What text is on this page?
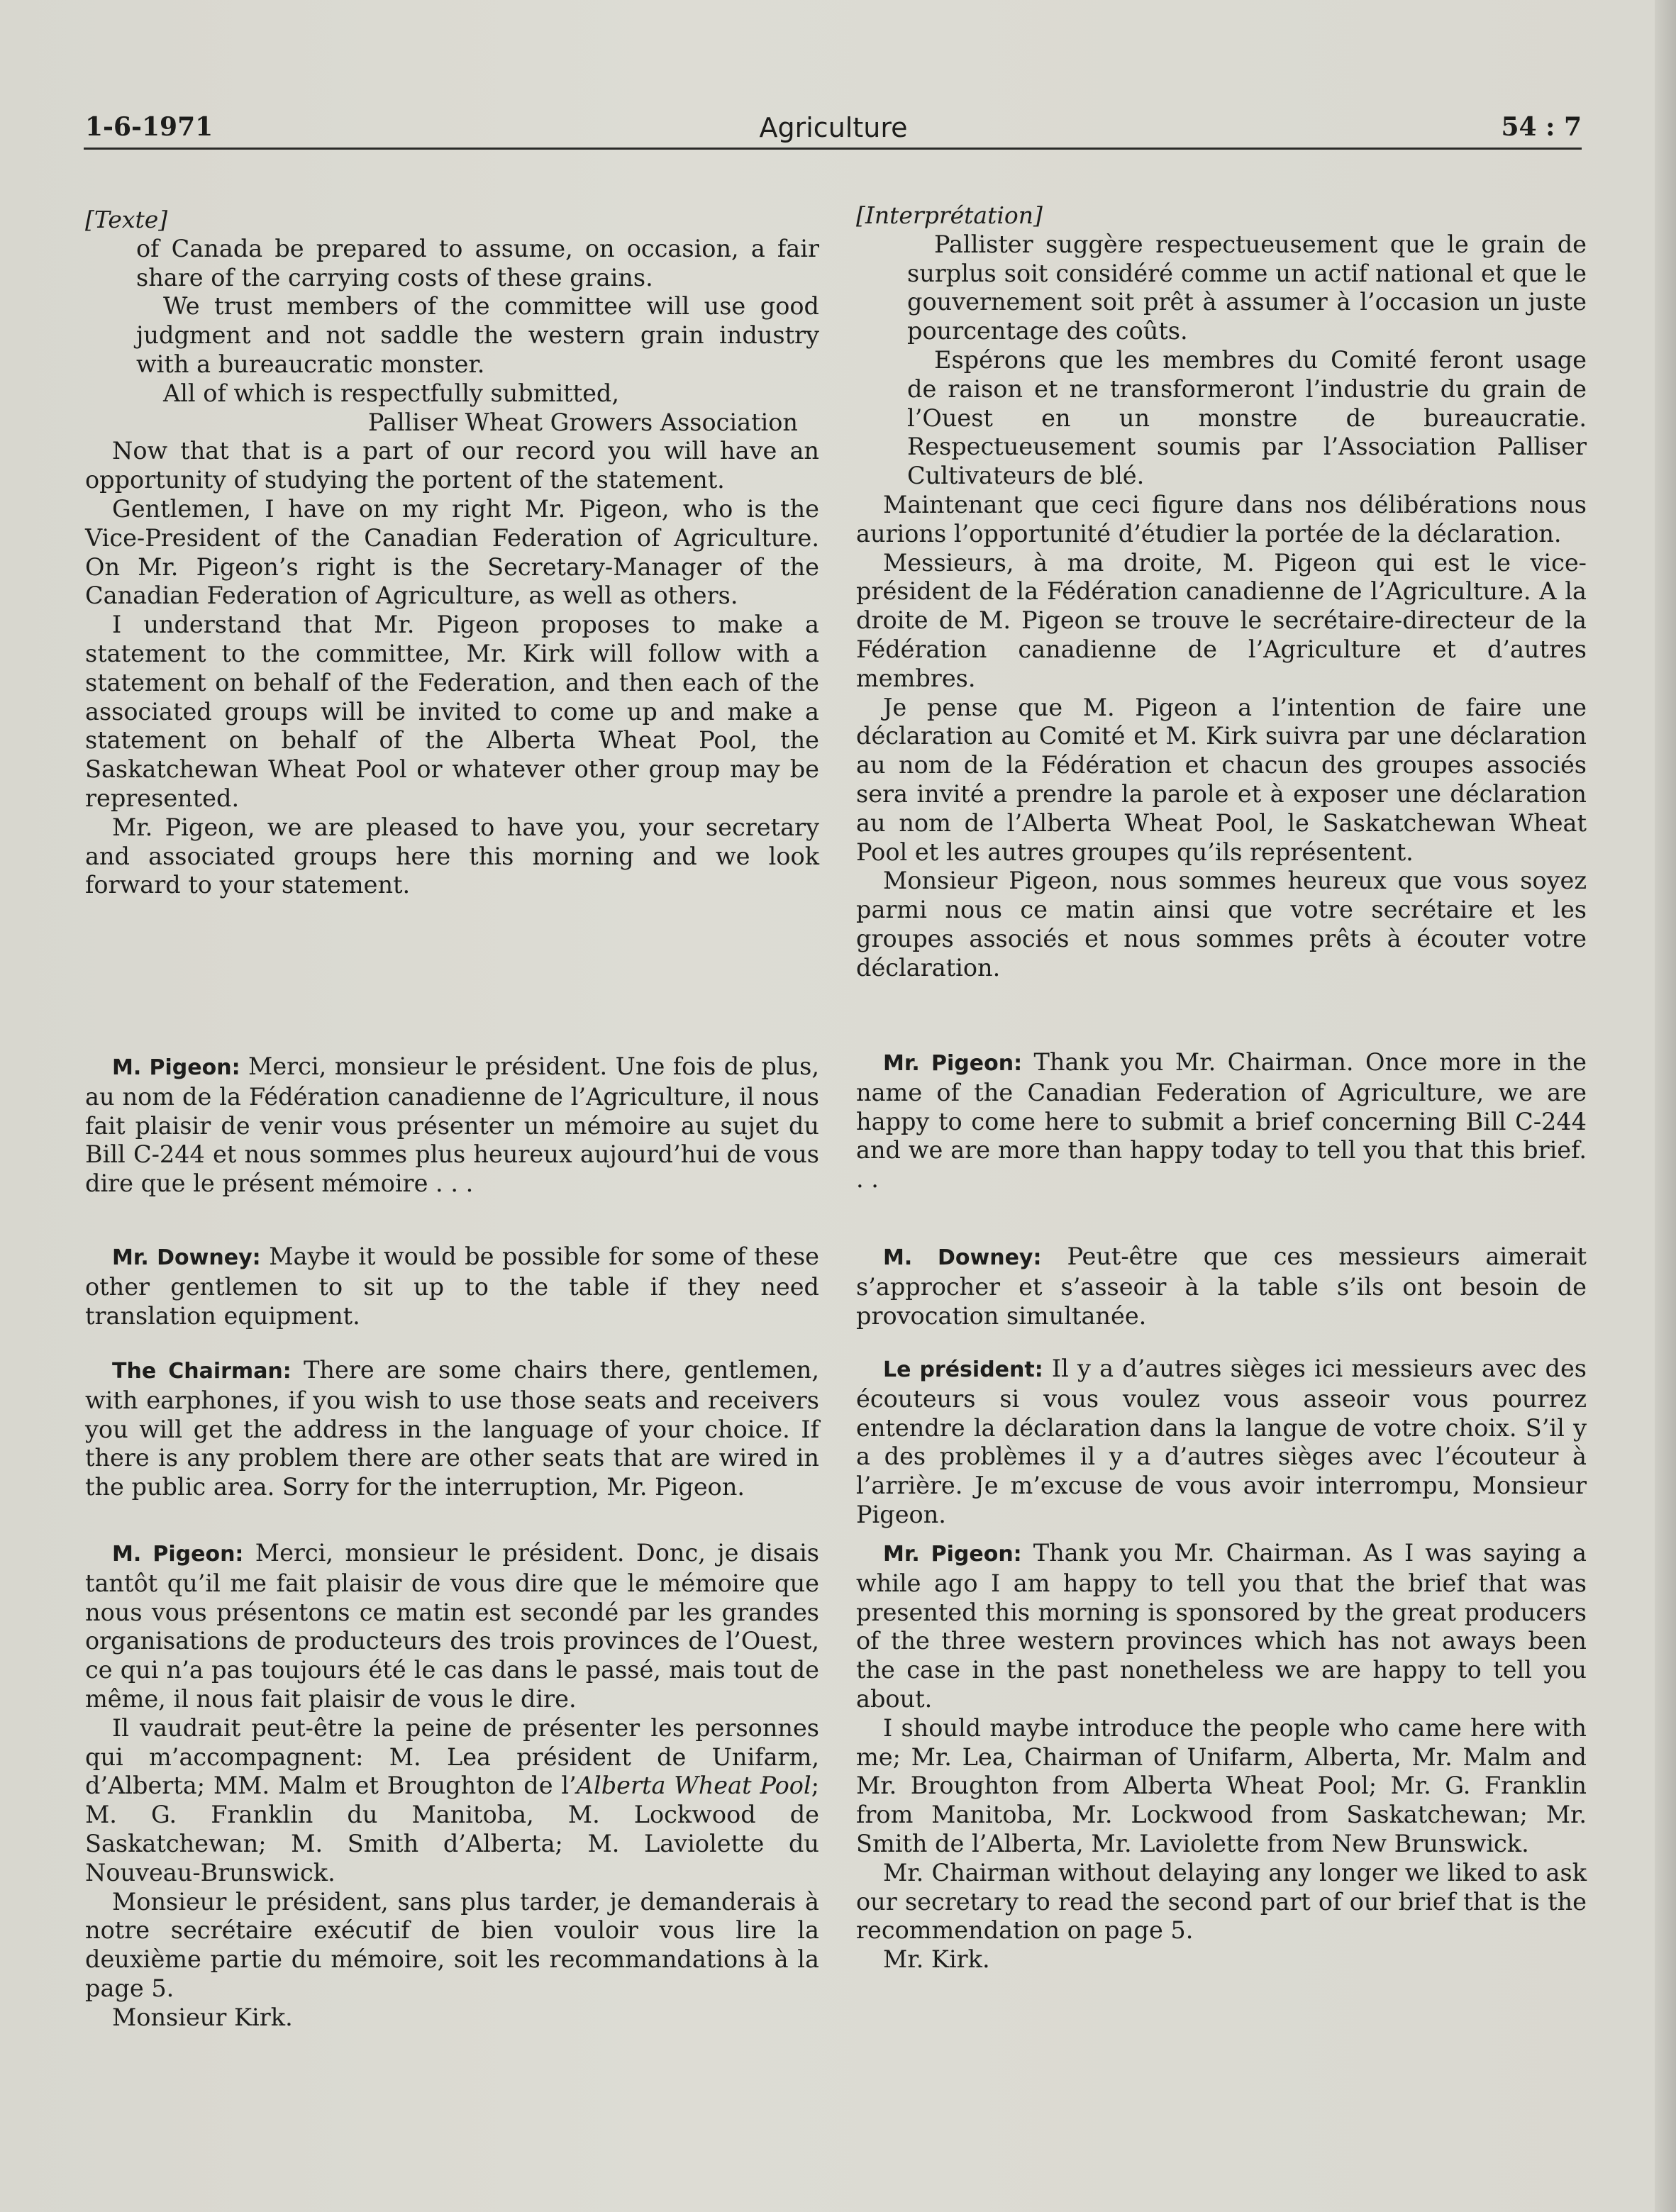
1-6-1971	Agriculture	54 : 7

[Texte]

of Canada be prepared to assume, on occasion, a fair share of the carrying costs of these grains.

We trust members of the committee will use good judgment and not saddle the western grain industry with a bureaucratic monster.

All of which is respectfully submitted,

Palliser Wheat Growers Association

Now that that is a part of our record you will have an opportunity of studying the portent of the statement.

Gentlemen, I have on my right Mr. Pigeon, who is the Vice-President of the Canadian Federation of Agriculture. On Mr. Pigeon’s right is the Secretary-Manager of the Canadian Federation of Agriculture, as well as others.

I understand that Mr. Pigeon proposes to make a statement to the committee, Mr. Kirk will follow with a statement on behalf of the Federation, and then each of the associated groups will be invited to come up and make a statement on behalf of the Alberta Wheat Pool, the Saskatchewan Wheat Pool or whatever other group may be represented.

Mr. Pigeon, we are pleased to have you, your secretary and associated groups here this morning and we look forward to your statement.

[Interprétation]

Pallister suggère respectueusement que le grain de surplus soit considéré comme un actif national et que le gouvernement soit prêt à assumer à l’occasion un juste pourcentage des coûts.

Espérons que les membres du Comité feront usage de raison et ne transformeront l’industrie du grain de l’Ouest en un monstre de bureaucratie. Respectueusement soumis par l’Association Palliser Cultivateurs de blé.

Maintenant que ceci figure dans nos délibérations nous aurions l’opportunité d’étudier la portée de la déclaration.

Messieurs, à ma droite, M. Pigeon qui est le vice-président de la Fédération canadienne de l’Agriculture. A la droite de M. Pigeon se trouve le secrétaire-directeur de la Fédération canadienne de l’Agriculture et d’autres membres.

Je pense que M. Pigeon a l’intention de faire une déclaration au Comité et M. Kirk suivra par une déclaration au nom de la Fédération et chacun des groupes associés sera invité a prendre la parole et à exposer une déclaration au nom de l’Alberta Wheat Pool, le Saskatchewan Wheat Pool et les autres groupes qu’ils représentent.

Monsieur Pigeon, nous sommes heureux que vous soyez parmi nous ce matin ainsi que votre secrétaire et les groupes associés et nous sommes prêts à écouter votre déclaration.

M. Pigeon: Merci, monsieur le président. Une fois de plus, au nom de la Fédération canadienne de l’Agriculture, il nous fait plaisir de venir vous présenter un mémoire au sujet du Bill C-244 et nous sommes plus heureux aujourd’hui de vous dire que le présent mémoire . . .

Mr. Downey: Maybe it would be possible for some of these other gentlemen to sit up to the table if they need translation equipment.

The Chairman: There are some chairs there, gentlemen, with earphones, if you wish to use those seats and receivers you will get the address in the language of your choice. If there is any problem there are other seats that are wired in the public area. Sorry for the interruption, Mr. Pigeon.

M. Pigeon: Merci, monsieur le président. Donc, je disais tantôt qu’il me fait plaisir de vous dire que le mémoire que nous vous présentons ce matin est secondé par les grandes organisations de producteurs des trois provinces de l’Ouest, ce qui n’a pas toujours été le cas dans le passé, mais tout de même, il nous fait plaisir de vous le dire.

Il vaudrait peut-être la peine de présenter les personnes qui m’accompagnent: M. Lea président de Unifarm, d’Alberta; MM. Malm et Broughton de l’Alberta Wheat Pool; M. G. Franklin du Manitoba, M. Lockwood de Saskatchewan; M. Smith d’Alberta; M. Laviolette du Nouveau-Brunswick.

Monsieur le président, sans plus tarder, je demanderais à notre secrétaire exécutif de bien vouloir vous lire la deuxième partie du mémoire, soit les recommandations à la page 5.

Monsieur Kirk.

Mr. Pigeon: Thank you Mr. Chairman. Once more in the name of the Canadian Federation of Agriculture, we are happy to come here to submit a brief concerning Bill C-244 and we are more than happy today to tell you that this brief. . .

M. Downey: Peut-être que ces messieurs aimerait s’approcher et s’asseoir à la table s’ils ont besoin de provocation simultanée.

Le président: Il y a d’autres sièges ici messieurs avec des écouteurs si vous voulez vous asseoir vous pourrez entendre la déclaration dans la langue de votre choix. S’il y a des problèmes il y a d’autres sièges avec l’écouteur à l’arrière. Je m’excuse de vous avoir interrompu, Monsieur Pigeon.

Mr. Pigeon: Thank you Mr. Chairman. As I was saying a while ago I am happy to tell you that the brief that was presented this morning is sponsored by the great producers of the three western provinces which has not aways been the case in the past nonetheless we are happy to tell you about.

I should maybe introduce the people who came here with me; Mr. Lea, Chairman of Unifarm, Alberta, Mr. Malm and Mr. Broughton from Alberta Wheat Pool; Mr. G. Franklin from Manitoba, Mr. Lockwood from Saskatchewan; Mr. Smith de l’Alberta, Mr. Laviolette from New Brunswick.

Mr. Chairman without delaying any longer we liked to ask our secretary to read the second part of our brief that is the recommendation on page 5.

Mr. Kirk.
